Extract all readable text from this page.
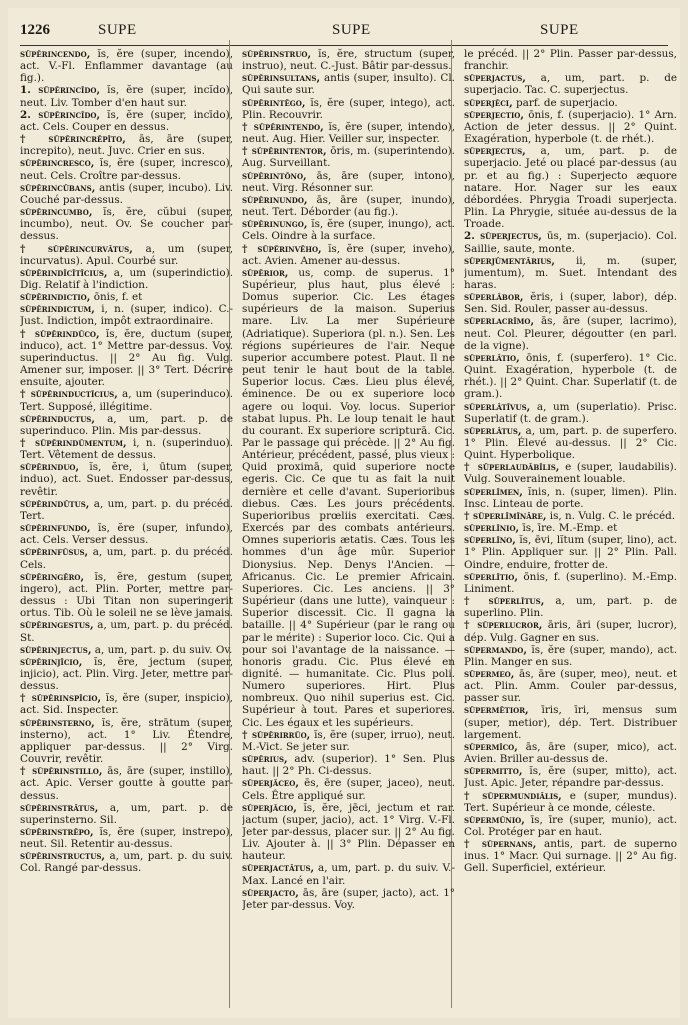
1226	SUPE	SUPE	SUPE

sŭpĕrincendo, ĭs, ĕre (super, incendo), act. V.-Fl. Enflammer davantage (au fig.).

1. sŭpĕrincĭdo, ĭs, ĕre (super, incĭdo), neut. Liv. Tomber d'en haut sur.

2. sŭpĕrincīdo, ĭs, ĕre (super, incīdo), act. Cels. Couper en dessus.

† sŭpĕrincrĕpĭto, ās, āre (super, increpito), neut. Juvc. Crier en sus.

sŭpĕrincresco, ĭs, ĕre (super, incresco), neut. Cels. Croître par-dessus.

sŭpĕrincŭbans, antis (super, incubo). Liv. Couché par-dessus.

sŭpĕrincumbo, ĭs, ĕre, cŭbui (super, incumbo), neut. Ov. Se coucher par-dessus.

† sŭpĕrincurvātus, a, um (super, incurvatus). Apul. Courbé sur.

sŭpĕrindĭcĭtĭcius, a, um (superindictio). Dig. Relatif à l'indiction.

sŭpĕrindictio, ōnis, f. et

sŭpĕrindictum, i, n. (super, indico). C.-Just. Indiction, impôt extraordinaire.

† sŭpĕrindūco, ĭs, ĕre, ductum (super, induco), act. 1° Mettre par-dessus. Voy. superinductus. || 2° Au fig. Vulg. Amener sur, imposer. || 3° Tert. Décrire ensuite, ajouter.

† sŭpĕrinductĭcius, a, um (superinduco). Tert. Supposé, illégitime.

sŭpĕrinductus, a, um, part. p. de superinduco. Plin. Mis par-dessus.

† sŭpĕrindūmentum, i, n. (superinduo). Tert. Vêtement de dessus.

sŭpĕrinduo, ĭs, ĕre, i, ūtum (super, induo), act. Suet. Endosser par-dessus, revêtir.

sŭpĕrindūtus, a, um, part. p. du précéd. Tert.

sŭpĕrinfundo, ĭs, ĕre (super, infundo), act. Cels. Verser dessus.

sŭpĕrinfūsus, a, um, part. p. du précéd. Cels.

sŭpĕringĕro, ĭs, ĕre, gestum (super, ingero), act. Plin. Porter, mettre par-dessus : Ubi Titan non superingerit ortus. Tib. Où le soleil ne se lève jamais.

sŭpĕringestus, a, um, part. p. du précéd. St.

sŭpĕrinjectus, a, um, part. p. du suiv. Ov.

sŭpĕrinjĭcio, ĭs, ĕre, jectum (super, injicio), act. Plin. Virg. Jeter, mettre par-dessus.

† sŭpĕrinspĭcio, ĭs, ĕre (super, inspicio), act. Sid. Inspecter.

sŭpĕrinsterno, ĭs, ĕre, strātum (super, insterno), act. 1° Liv. Étendre, appliquer par-dessus. || 2° Virg. Couvrir, revêtir.

† sŭpĕrinstillo, ās, āre (super, instillo), act. Apic. Verser goutte à goutte par-dessus.

sŭpĕrinstrātus, a, um, part. p. de superinsterno. Sil.

sŭpĕrinstrĕpo, ĭs, ĕre (super, instrepo), neut. Sil. Retentir au-dessus.

sŭpĕrinstructus, a, um, part. p. du suiv. Col. Rangé par-dessus.

sŭpĕrinstruo, ĭs, ĕre, structum (super, instruo), neut. C.-Just. Bâtir par-dessus.

sŭpĕrinsultans, antis (super, insulto). Cl. Qui saute sur.

sŭpĕrintĕgo, ĭs, ĕre (super, intego), act. Plin. Recouvrir.

† sŭpĕrintendo, ĭs, ĕre (super, intendo), neut. Aug. Hier. Veiller sur, inspecter.

† sŭpĕrintentor, ōris, m. (superintendo). Aug. Surveillant.

sŭpĕrintŏno, ās, āre (super, intono), neut. Virg. Résonner sur.

sŭpĕrinundo, ās, āre (super, inundo), neut. Tert. Déborder (au fig.).

sŭpĕrinungo, ĭs, ĕre (super, inungo), act. Cels. Oindre à la surface.

† sŭpĕrinvĕho, ĭs, ĕre (super, inveho), act. Avien. Amener au-dessus.

sŭpĕrior, us, comp. de superus. 1° Supérieur, plus haut, plus élevé : Domus superior. Cic. Les étages supérieurs de la maison. Superius mare. Liv. La mer Supérieure (Adriatique). Superiora (pl. n.). Sen. Les régions supérieures de l'air. Neque superior accumbere potest. Plaut. Il ne peut tenir le haut bout de la table. Superior locus. Cæs. Lieu plus élevé, éminence. De ou ex superiore loco agere ou loqui. Voy. locus. Superior stabat lupus. Ph. Le loup tenait le haut du courant. Ex superiore scripturā. Cic. Par le passage qui précède. || 2° Au fig. Antérieur, précédent, passé, plus vieux : Quid proximā, quid superiore nocte egeris. Cic. Ce que tu as fait la nuit dernière et celle d'avant. Superioribus diebus. Cæs. Les jours précédents. Superioribus prœliis exercitati. Cæs. Exercés par des combats antérieurs. Omnes superioris ætatis. Cæs. Tous les hommes d'un âge mûr. Superior Dionysius. Nep. Denys l'Ancien. — Africanus. Cic. Le premier Africain. Superiores. Cic. Les anciens. || 3° Supérieur (dans une lutte), vainqueur : Superior discessit. Cic. Il gagna la bataille. || 4° Supérieur (par le rang ou par le mérite) : Superior loco. Cic. Qui a pour soi l'avantage de la naissance. — honoris gradu. Cic. Plus élevé en dignité. — humanitate. Cic. Plus poli. Numero superiores. Hirt. Plus nombreux. Quo nihil superius est. Cic. Supérieur à tout. Pares et superiores. Cic. Les égaux et les supérieurs.

† sŭpĕrirrŭo, ĭs, ĕre (super, irruo), neut. M.-Vict. Se jeter sur.

sŭpĕrius, adv. (superior). 1° Sen. Plus haut. || 2° Ph. Ci-dessus.

sŭperjăceo, ēs, ēre (super, jaceo), neut. Cels. Être appliqué sur.

sŭperjăcio, ĭs, ĕre, jēci, jectum et rar. jactum (super, jacio), act. 1° Virg. V.-Fl. Jeter par-dessus, placer sur. || 2° Au fig. Liv. Ajouter à. || 3° Plin. Dépasser en hauteur.

sŭperjactātus, a, um, part. p. du suiv. V.-Max. Lancé en l'air.

sŭperjacto, ās, āre (super, jacto), act. 1° Jeter par-dessus. Voy.

le précéd. || 2° Plin. Passer par-dessus, franchir.

sŭperjactus, a, um, part. p. de superjacio. Tac. C. superjectus.

sŭperjēci, parf. de superjacio.

sŭperjectio, ōnis, f. (superjacio). 1° Arn. Action de jeter dessus. || 2° Quint. Exagération, hyperbole (t. de rhét.).

sŭperjectus, a, um, part. p. de superjacio. Jeté ou placé par-dessus (au pr. et au fig.) : Superjecto æquore natare. Hor. Nager sur les eaux débordées. Phrygia Troadi superjecta. Plin. La Phrygie, située au-dessus de la Troade.

2. sŭperjectus, ūs, m. (superjacio). Col. Saillie, saute, monte.

sŭperjūmentārius, ii, m. (super, jumentum), m. Suet. Intendant des haras.

sŭperlăbor, ĕris, i (super, labor), dép. Sen. Sid. Rouler, passer au-dessus.

sŭperlacrĭmo, ās, āre (super, lacrimo), neut. Col. Pleurer, dégoutter (en parl. de la vigne).

sŭperlātio, ōnis, f. (superfero). 1° Cic. Quint. Exagération, hyperbole (t. de rhét.). || 2° Quint. Char. Superlatif (t. de gram.).

sŭperlātīvus, a, um (superlatio). Prisc. Superlatif (t. de gram.).

sŭperlātus, a, um, part. p. de superfero. 1° Plin. Élevé au-dessus. || 2° Cic. Quint. Hyperbolique.

† sŭperlaudābĭlis, e (super, laudabilis). Vulg. Souverainement louable.

sŭperlīmen, ĭnis, n. (super, limen). Plin. Insc. Linteau de porte.

† sŭperlīmĭnāre, is, n. Vulg. C. le précéd.

sŭperlĭnio, īs, īre. M.-Emp. et

sŭperlĭno, ĭs, ēvi, lĭtum (super, lino), act. 1° Plin. Appliquer sur. || 2° Plin. Pall. Oindre, enduire, frotter de.

sŭperlĭtio, ōnis, f. (superlino). M.-Emp. Liniment.

† sŭperlĭtus, a, um, part. p. de superlino. Plin.

† sŭperlucror, āris, āri (super, lucror), dép. Vulg. Gagner en sus.

sŭpermando, ĭs, ĕre (super, mando), act. Plin. Manger en sus.

sŭpermeo, ās, āre (super, meo), neut. et act. Plin. Amm. Couler par-dessus, passer sur.

sŭpermētior, īris, īri, mensus sum (super, metior), dép. Tert. Distribuer largement.

sŭpermĭco, ās, āre (super, mico), act. Avien. Briller au-dessus de.

sŭpermitto, ĭs, ĕre (super, mitto), act. Just. Apic. Jeter, répandre par-dessus.

† sŭpermundiālis, e (super, mundus). Tert. Supérieur à ce monde, céleste.

sŭpermūnio, īs, īre (super, munio), act. Col. Protéger par en haut.

† sŭpernans, antis, part. de superno inus. 1° Macr. Qui surnage. || 2° Au fig. Gell. Superficiel, extérieur.
